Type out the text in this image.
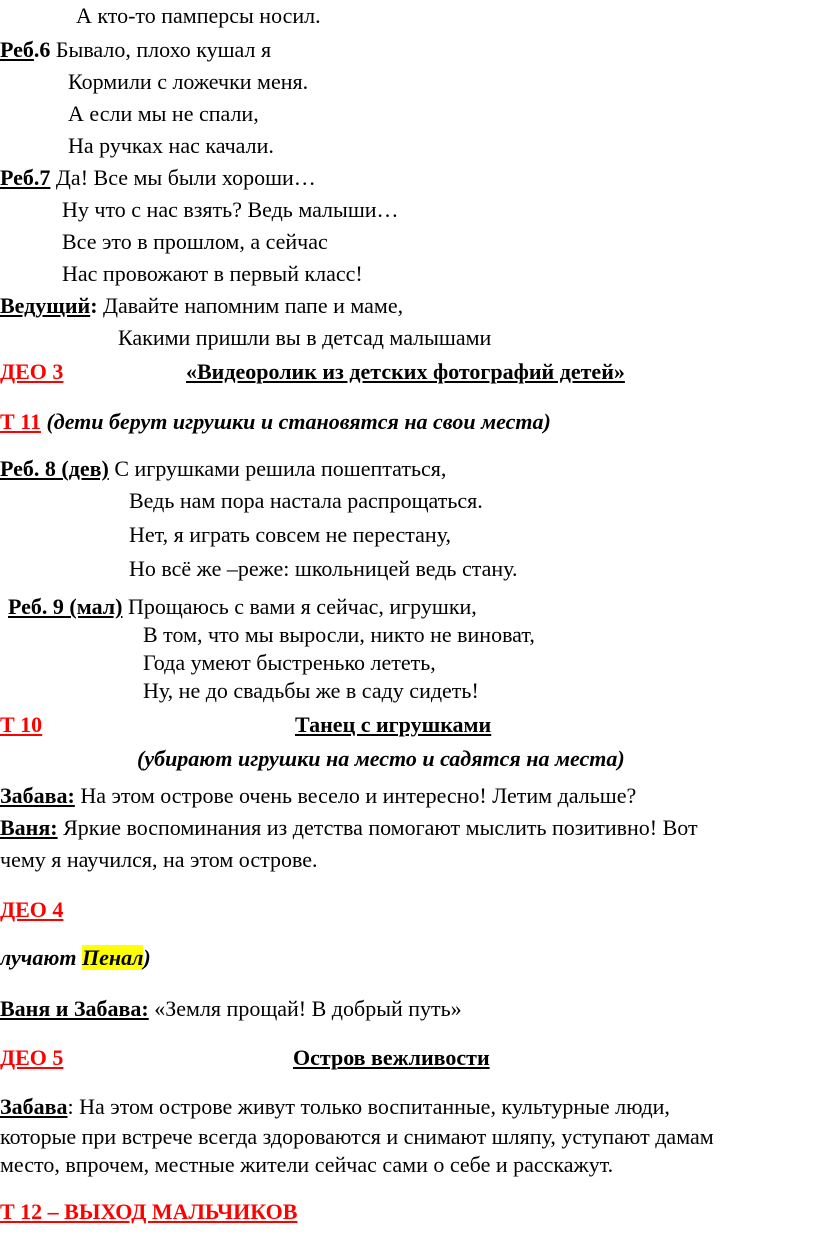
А кто-то памперсы носил.
Реб.6 Бывало, плохо кушал я
Кормили с ложечки меня.
А если мы не спали,
На ручках нас качали.
Реб.7 Да! Все мы были хороши…
Ну что с нас взять? Ведь малыши…
Все это в прошлом, а сейчас
Нас провожают в первый класс!
Ведущий: Давайте напомним папе и маме,
Какими пришли вы в детсад малышами
ДЕО 3	«Видеоролик из детских фотографий детей»
Т 11 (дети берут игрушки и становятся на свои места)
Реб. 8 (дев) С игрушками решила пошептаться,
Ведь нам пора настала распрощаться.
Нет, я играть совсем не перестану,
Но всё же –реже: школьницей ведь стану.
Реб. 9 (мал) Прощаюсь с вами я сейчас, игрушки,
В том, что мы выросли, никто не виноват,
Года умеют быстренько лететь,
Ну, не до свадьбы же в саду сидеть!
Т 10	Танец с игрушками
(убирают игрушки на место и садятся на места)
Забава: На этом острове очень весело и интересно! Летим дальше?
Ваня: Яркие воспоминания из детства помогают мыслить позитивно! Вот
чему я научился, на этом острове.
ДЕО 4
лучают Пенал)
Ваня и Забава: «Земля прощай! В добрый путь»
ДЕО 5	Остров вежливости
Забава: На этом острове живут только воспитанные, культурные люди,
которые при встрече всегда здороваются и снимают шляпу, уступают дамам
место, впрочем, местные жители сейчас сами о себе и расскажут.
Т 12 – ВЫХОД МАЛЬЧИКОВ
